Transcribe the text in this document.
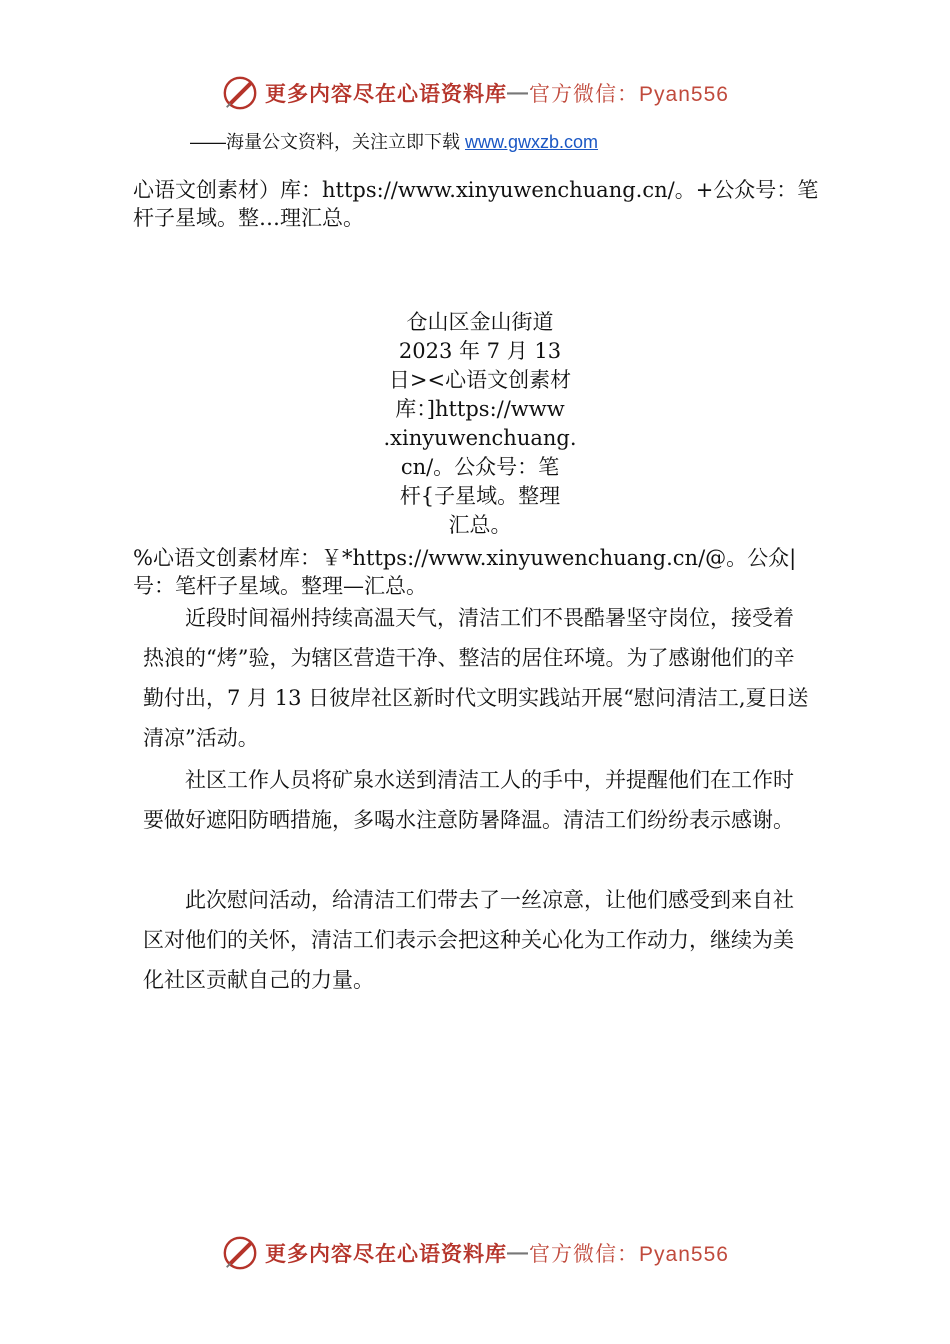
更多内容尽在心语资料库 — 官方微信：Pyan556
——海量公文资料，关注立即下载 www.gwxzb.com
心语文创素材）库：https://www.xinyuwenchuang.cn/。+公众号：笔杆子星域。整…理汇总。
仓山区金山街道
2023 年 7 月 13
日><心语文创素材
库：]https://www
.xinyuwenchuang.
cn/。公众号：笔
杆{子星域。整理
汇总。
%心语文创素材库：￥*https://www.xinyuwenchuang.cn/@。公众|号：笔杆子星域。整理—汇总。

近段时间福州持续高温天气，清洁工们不畏酷暑坚守岗位，接受着热浪的“烤”验，为辖区营造干净、整洁的居住环境。为了感谢他们的辛勤付出，7 月 13 日彼岸社区新时代文明实践站开展“慰问清洁工,夏日送清凉”活动。

社区工作人员将矿泉水送到清洁工人的手中，并提醒他们在工作时要做好遮阳防晒措施，多喝水注意防暑降温。清洁工们纷纷表示感谢。

此次慰问活动，给清洁工们带去了一丝凉意，让他们感受到来自社区对他们的关怀，清洁工们表示会把这种关心化为工作动力，继续为美化社区贡献自己的力量。

更多内容尽在心语资料库 — 官方微信：Pyan556
